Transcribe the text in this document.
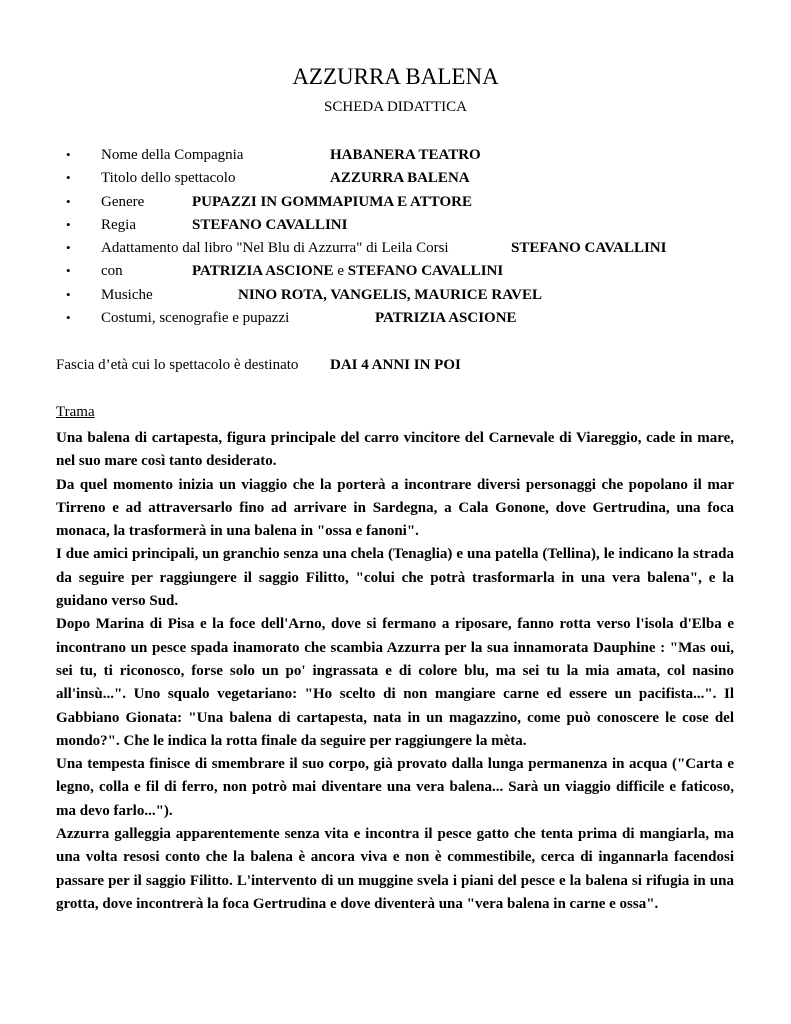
AZZURRA BALENA
SCHEDA DIDATTICA
• Nome della Compagnia	HABANERA TEATRO
• Titolo dello spettacolo	AZZURRA BALENA
• Genere	PUPAZZI IN GOMMAPIUMA E ATTORE
• Regia	STEFANO CAVALLINI
• Adattamento dal libro "Nel Blu di Azzurra" di Leila Corsi	STEFANO CAVALLINI
• con	PATRIZIA ASCIONE e STEFANO CAVALLINI
• Musiche	NINO ROTA, VANGELIS, MAURICE RAVEL
• Costumi, scenografie e pupazzi	PATRIZIA ASCIONE
Fascia d’età cui lo spettacolo è destinato DAI 4 ANNI IN POI
Trama

Una balena di cartapesta, figura principale del carro vincitore del Carnevale di Viareggio, cade in mare, nel suo mare così tanto desiderato.

Da quel momento inizia un viaggio che la porterà a incontrare diversi personaggi che popolano il mar Tirreno e ad attraversarlo fino ad arrivare in Sardegna, a Cala Gonone, dove Gertrudina, una foca monaca, la trasformerà in una balena in "ossa e fanoni".

I due amici principali, un granchio senza una chela (Tenaglia) e una patella (Tellina), le indicano la strada da seguire per raggiungere il saggio Filitto, "colui che potrà trasformarla in una vera balena", e la guidano verso Sud.

Dopo Marina di Pisa e la foce dell'Arno, dove si fermano a riposare, fanno rotta verso l'isola d'Elba e incontrano un pesce spada inamorato che scambia Azzurra per la sua innamorata Dauphine : "Mas oui, sei tu, ti riconosco, forse solo un po' ingrassata e di colore blu, ma sei tu la mia amata, col nasino all'insù...". Uno squalo vegetariano: "Ho scelto di non mangiare carne ed essere un pacifista...". Il Gabbiano Gionata: "Una balena di cartapesta, nata in un magazzino, come può conoscere le cose del mondo?". Che le indica la rotta finale da seguire per raggiungere la mèta.

Una tempesta finisce di smembrare il suo corpo, già provato dalla lunga permanenza in acqua ("Carta e legno, colla e fil di ferro, non potrò mai diventare una vera balena... Sarà un viaggio difficile e faticoso, ma devo farlo...").

Azzurra galleggia apparentemente senza vita e incontra il pesce gatto che tenta prima di mangiarla, ma una volta resosi conto che la balena è ancora viva e non è commestibile, cerca di ingannarla facendosi passare per il saggio Filitto. L'intervento di un muggine svela i piani del pesce e la balena si rifugia in una grotta, dove incontrerà la foca Gertrudina e dove diventerà una "vera balena in carne e ossa".
